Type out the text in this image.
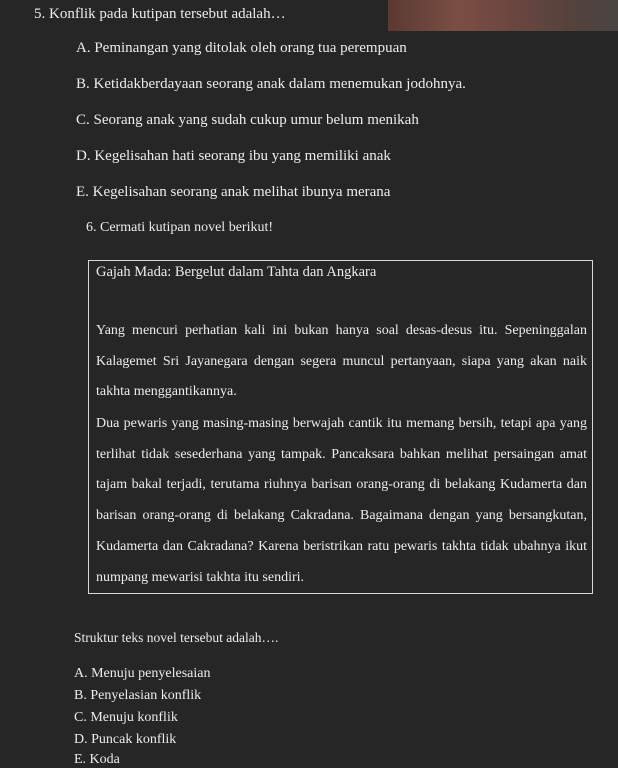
5. Konflik pada kutipan tersebut adalah…
A. Peminangan yang ditolak oleh orang tua perempuan
B. Ketidakberdayaan seorang anak dalam menemukan jodohnya.
C. Seorang anak yang sudah cukup umur belum menikah
D. Kegelisahan hati seorang ibu yang memiliki anak
E. Kegelisahan seorang anak melihat ibunya merana
6. Cermati kutipan novel berikut!
Gajah Mada: Bergelut dalam Tahta dan Angkara

Yang mencuri perhatian kali ini bukan hanya soal desas-desus itu. Sepeninggalan Kalagemet Sri Jayanegara dengan segera muncul pertanyaan, siapa yang akan naik takhta menggantikannya.

Dua pewaris yang masing-masing berwajah cantik itu memang bersih, tetapi apa yang terlihat tidak sesederhana yang tampak. Pancaksara bahkan melihat persaingan amat tajam bakal terjadi, terutama riuhnya barisan orang-orang di belakang Kudamerta dan barisan orang-orang di belakang Cakradana. Bagaimana dengan yang bersangkutan, Kudamerta dan Cakradana? Karena beristrikan ratu pewaris takhta tidak ubahnya ikut numpang mewarisi takhta itu sendiri.

Struktur teks novel tersebut adalah….
A. Menuju penyelesaian
B. Penyelasian konflik
C. Menuju konflik
D. Puncak konflik
E. Koda
